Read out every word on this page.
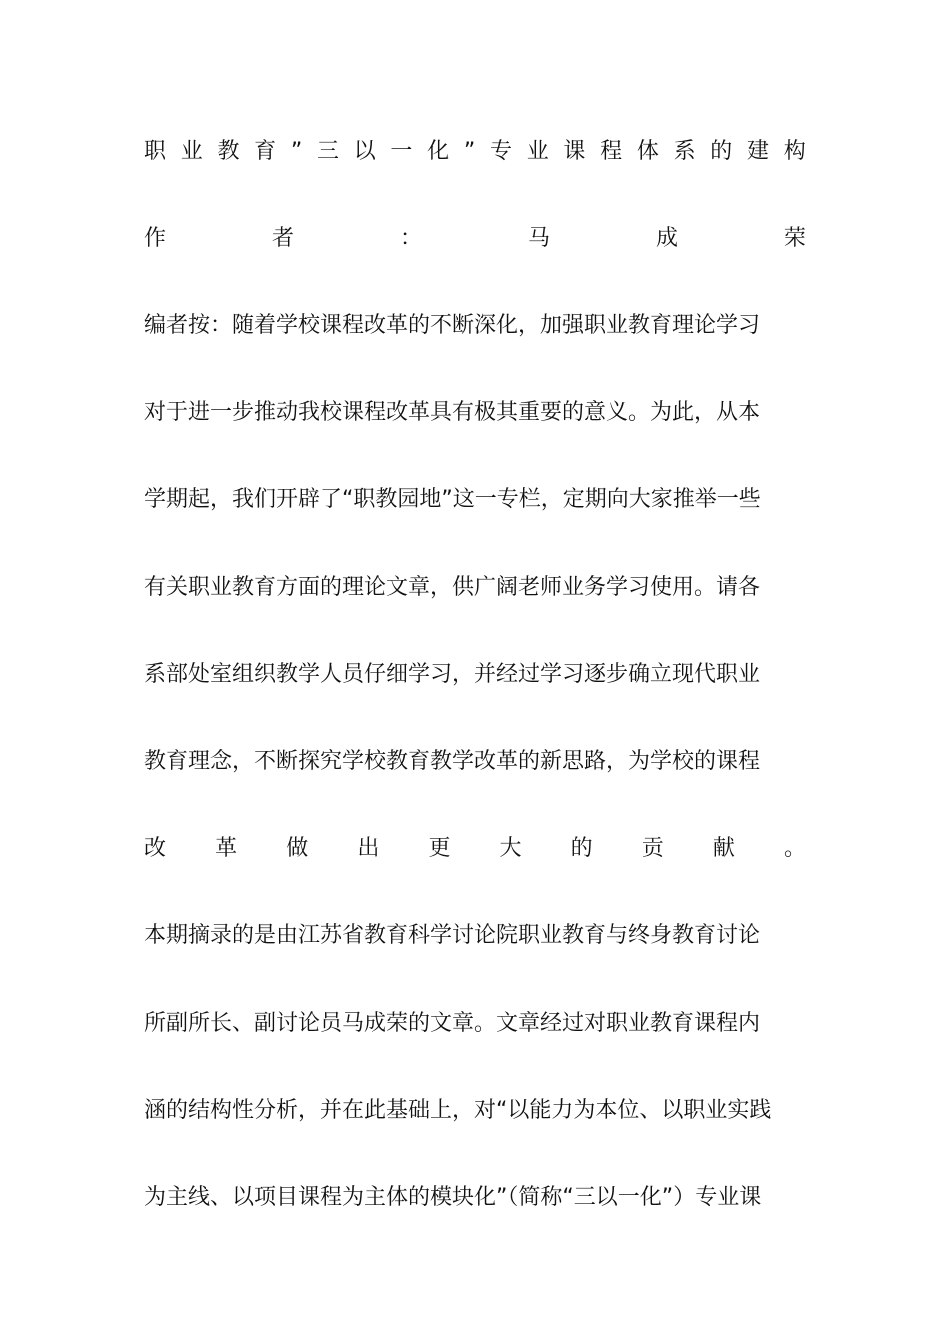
职 业 教 育 ” 三 以 一 化 ” 专 业 课 程 体 系 的 建 构
作	者	：	马	成	荣
编者按：随着学校课程改革的不断深化，加强职业教育理论学习
对于进一步推动我校课程改革具有极其重要的意义。为此，从本
学期起，我们开辟了“职教园地”这一专栏，定期向大家推举一些
有关职业教育方面的理论文章，供广阔老师业务学习使用。请各
系部处室组织教学人员仔细学习，并经过学习逐步确立现代职业
教育理念，不断探究学校教育教学改革的新思路，为学校的课程
改 革 做 出 更 大 的 贡 献 。
本期摘录的是由江苏省教育科学讨论院职业教育与终身教育讨论
所副所长、副讨论员马成荣的文章。文章经过对职业教育课程内
涵的结构性分析，并在此基础上，对“以能力为本位、以职业实践
为主线、以项目课程为主体的模块化”（简称“三以一化”）专业课
